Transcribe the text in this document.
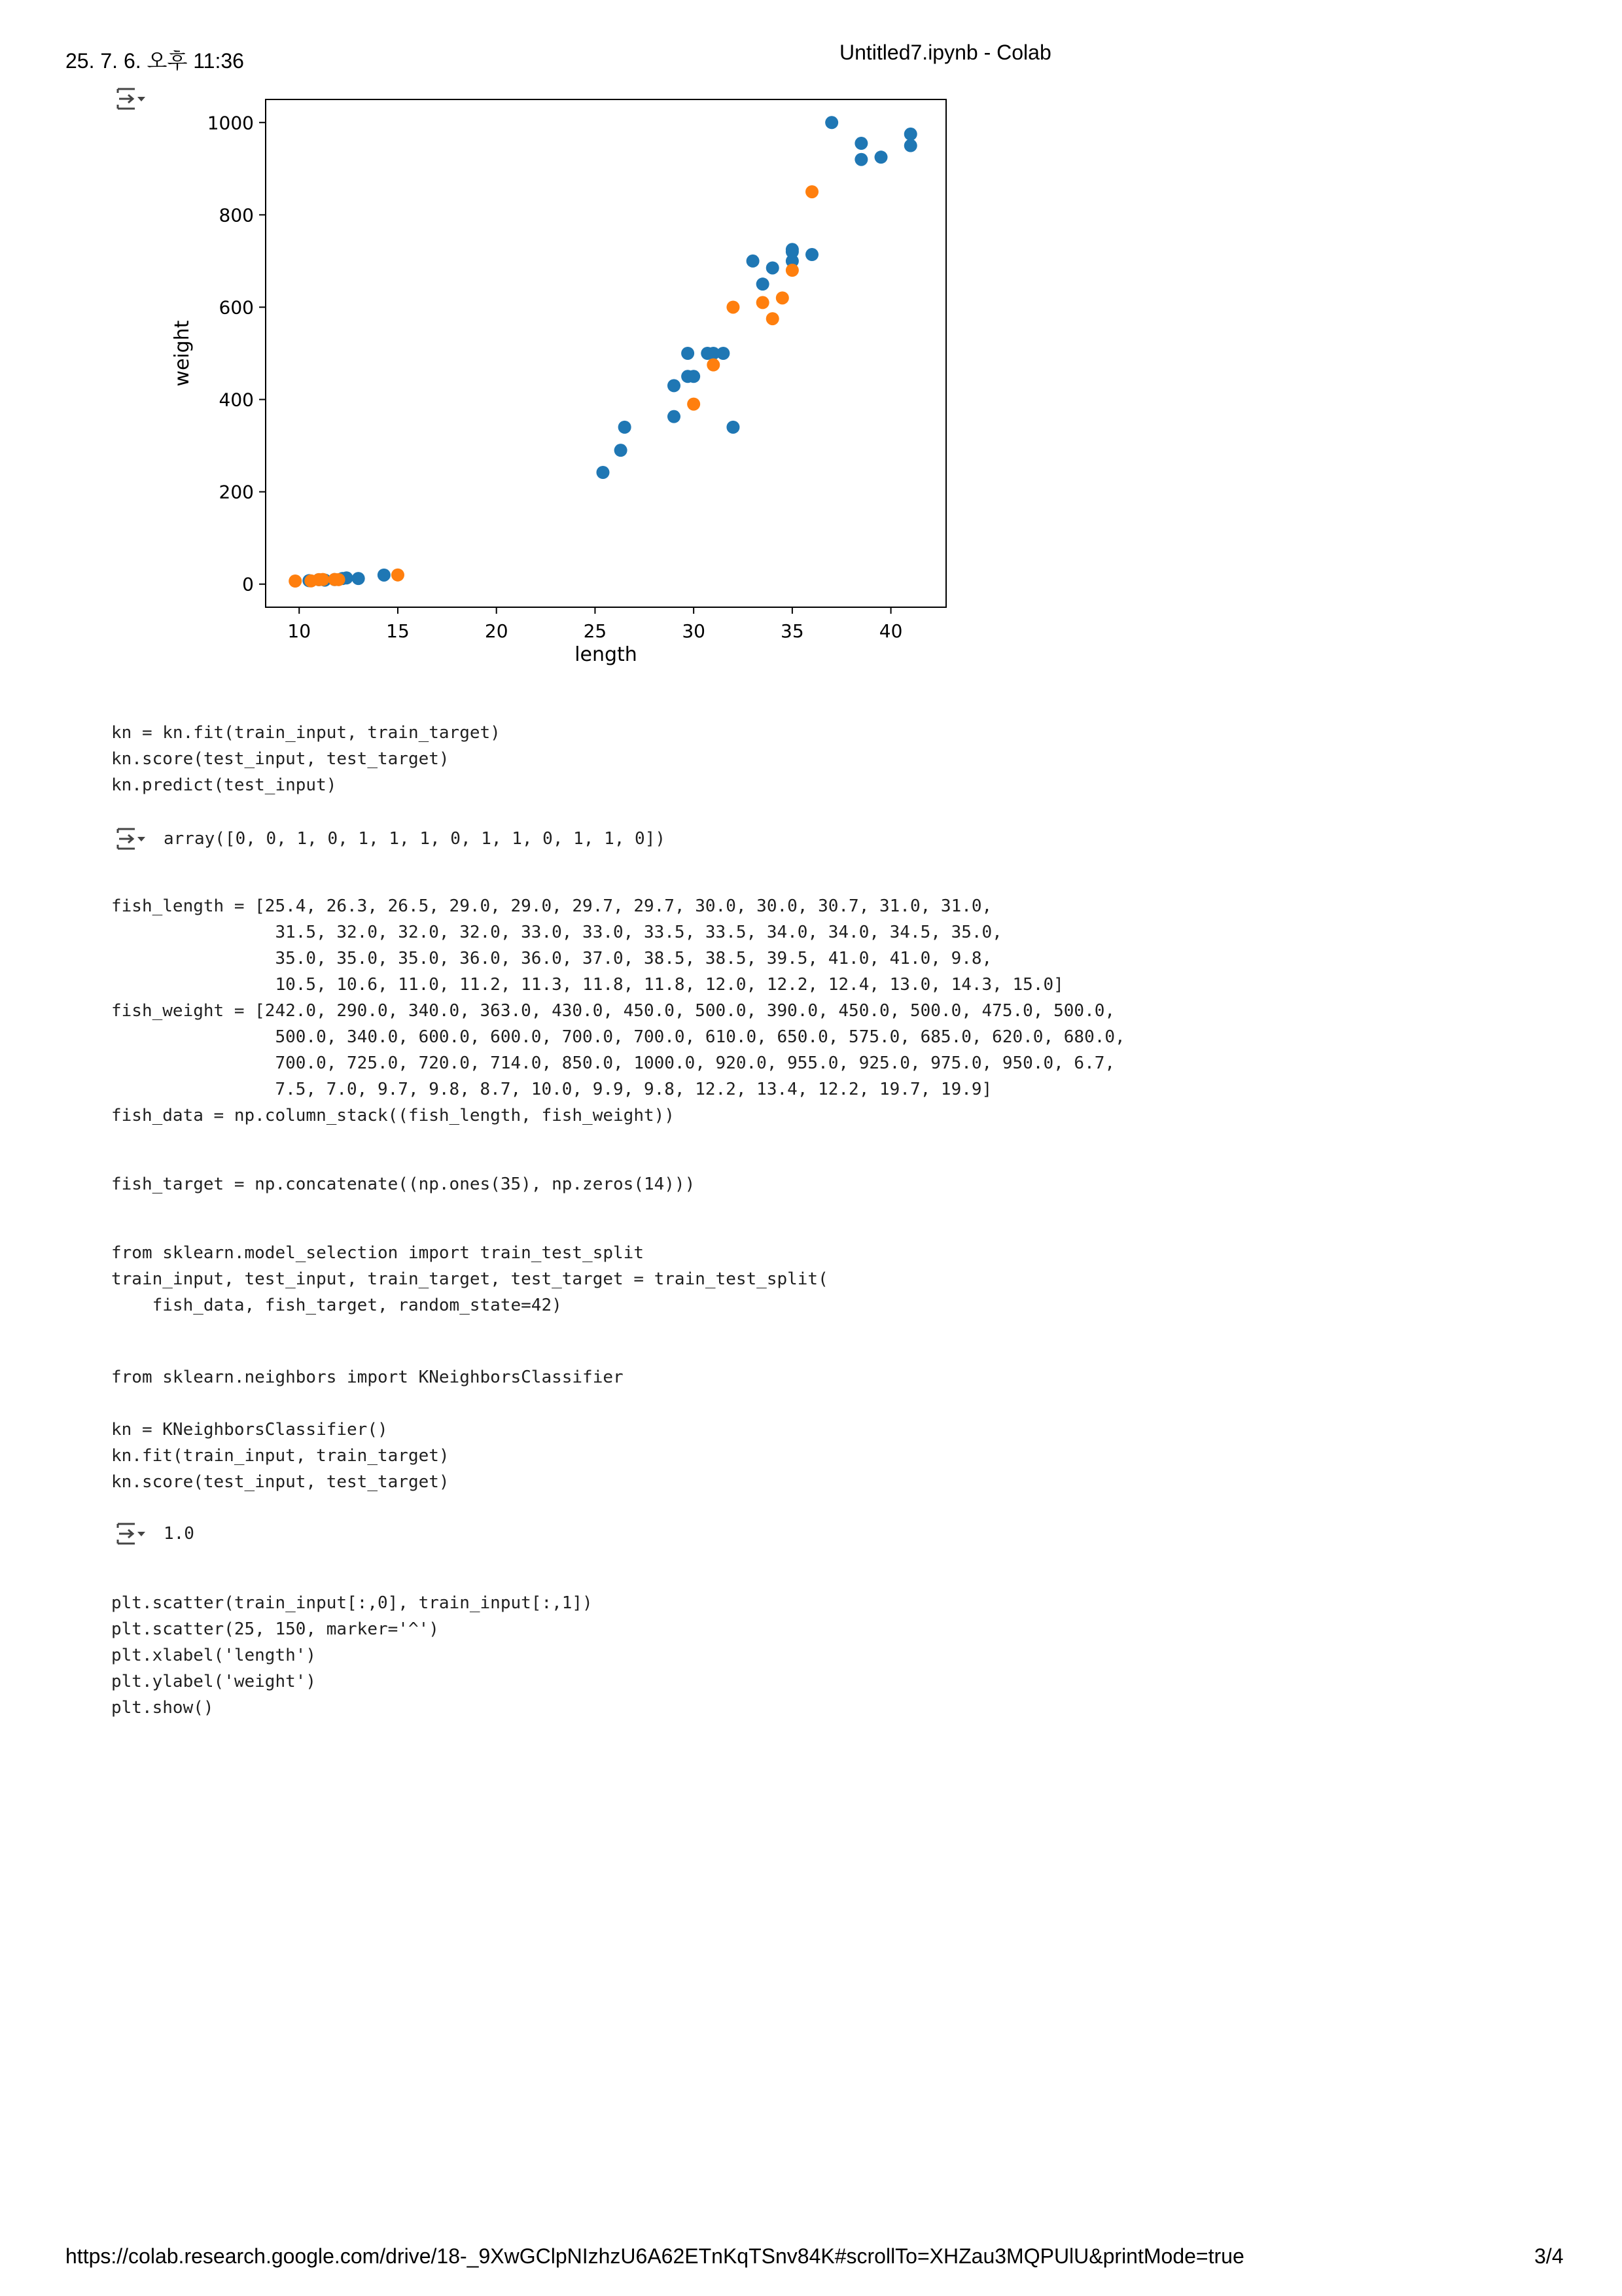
25. 7. 6. 오후 11:36	Untitled7.ipynb - Colab
10	15	20	25	30	35	40
0
200
400
600
800
1000
length
weight
kn = kn.fit(train_input, train_target)
kn.score(test_input, test_target)
kn.predict(test_input)
array([0, 0, 1, 0, 1, 1, 1, 0, 1, 1, 0, 1, 1, 0])
fish_length = [25.4, 26.3, 26.5, 29.0, 29.0, 29.7, 29.7, 30.0, 30.0, 30.7, 31.0, 31.0,
31.5, 32.0, 32.0, 32.0, 33.0, 33.0, 33.5, 33.5, 34.0, 34.0, 34.5, 35.0,
35.0, 35.0, 35.0, 36.0, 36.0, 37.0, 38.5, 38.5, 39.5, 41.0, 41.0, 9.8,
10.5, 10.6, 11.0, 11.2, 11.3, 11.8, 11.8, 12.0, 12.2, 12.4, 13.0, 14.3, 15.0]
fish_weight = [242.0, 290.0, 340.0, 363.0, 430.0, 450.0, 500.0, 390.0, 450.0, 500.0, 475.0, 500.0,
500.0, 340.0, 600.0, 600.0, 700.0, 700.0, 610.0, 650.0, 575.0, 685.0, 620.0, 680.0,
700.0, 725.0, 720.0, 714.0, 850.0, 1000.0, 920.0, 955.0, 925.0, 975.0, 950.0, 6.7,
7.5, 7.0, 9.7, 9.8, 8.7, 10.0, 9.9, 9.8, 12.2, 13.4, 12.2, 19.7, 19.9]
fish_data = np.column_stack((fish_length, fish_weight))
fish_target = np.concatenate((np.ones(35), np.zeros(14)))
from sklearn.model_selection import train_test_split
train_input, test_input, train_target, test_target = train_test_split(
fish_data, fish_target, random_state=42)
from sklearn.neighbors import KNeighborsClassifier

kn = KNeighborsClassifier()
kn.fit(train_input, train_target)
kn.score(test_input, test_target)
1.0
plt.scatter(train_input[:,0], train_input[:,1])
plt.scatter(25, 150, marker='^')
plt.xlabel('length')
plt.ylabel('weight')
plt.show()
https://colab.research.google.com/drive/18-_9XwGClpNIzhzU6A62ETnKqTSnv84K#scrollTo=XHZau3MQPUlU&printMode=true	3/4
